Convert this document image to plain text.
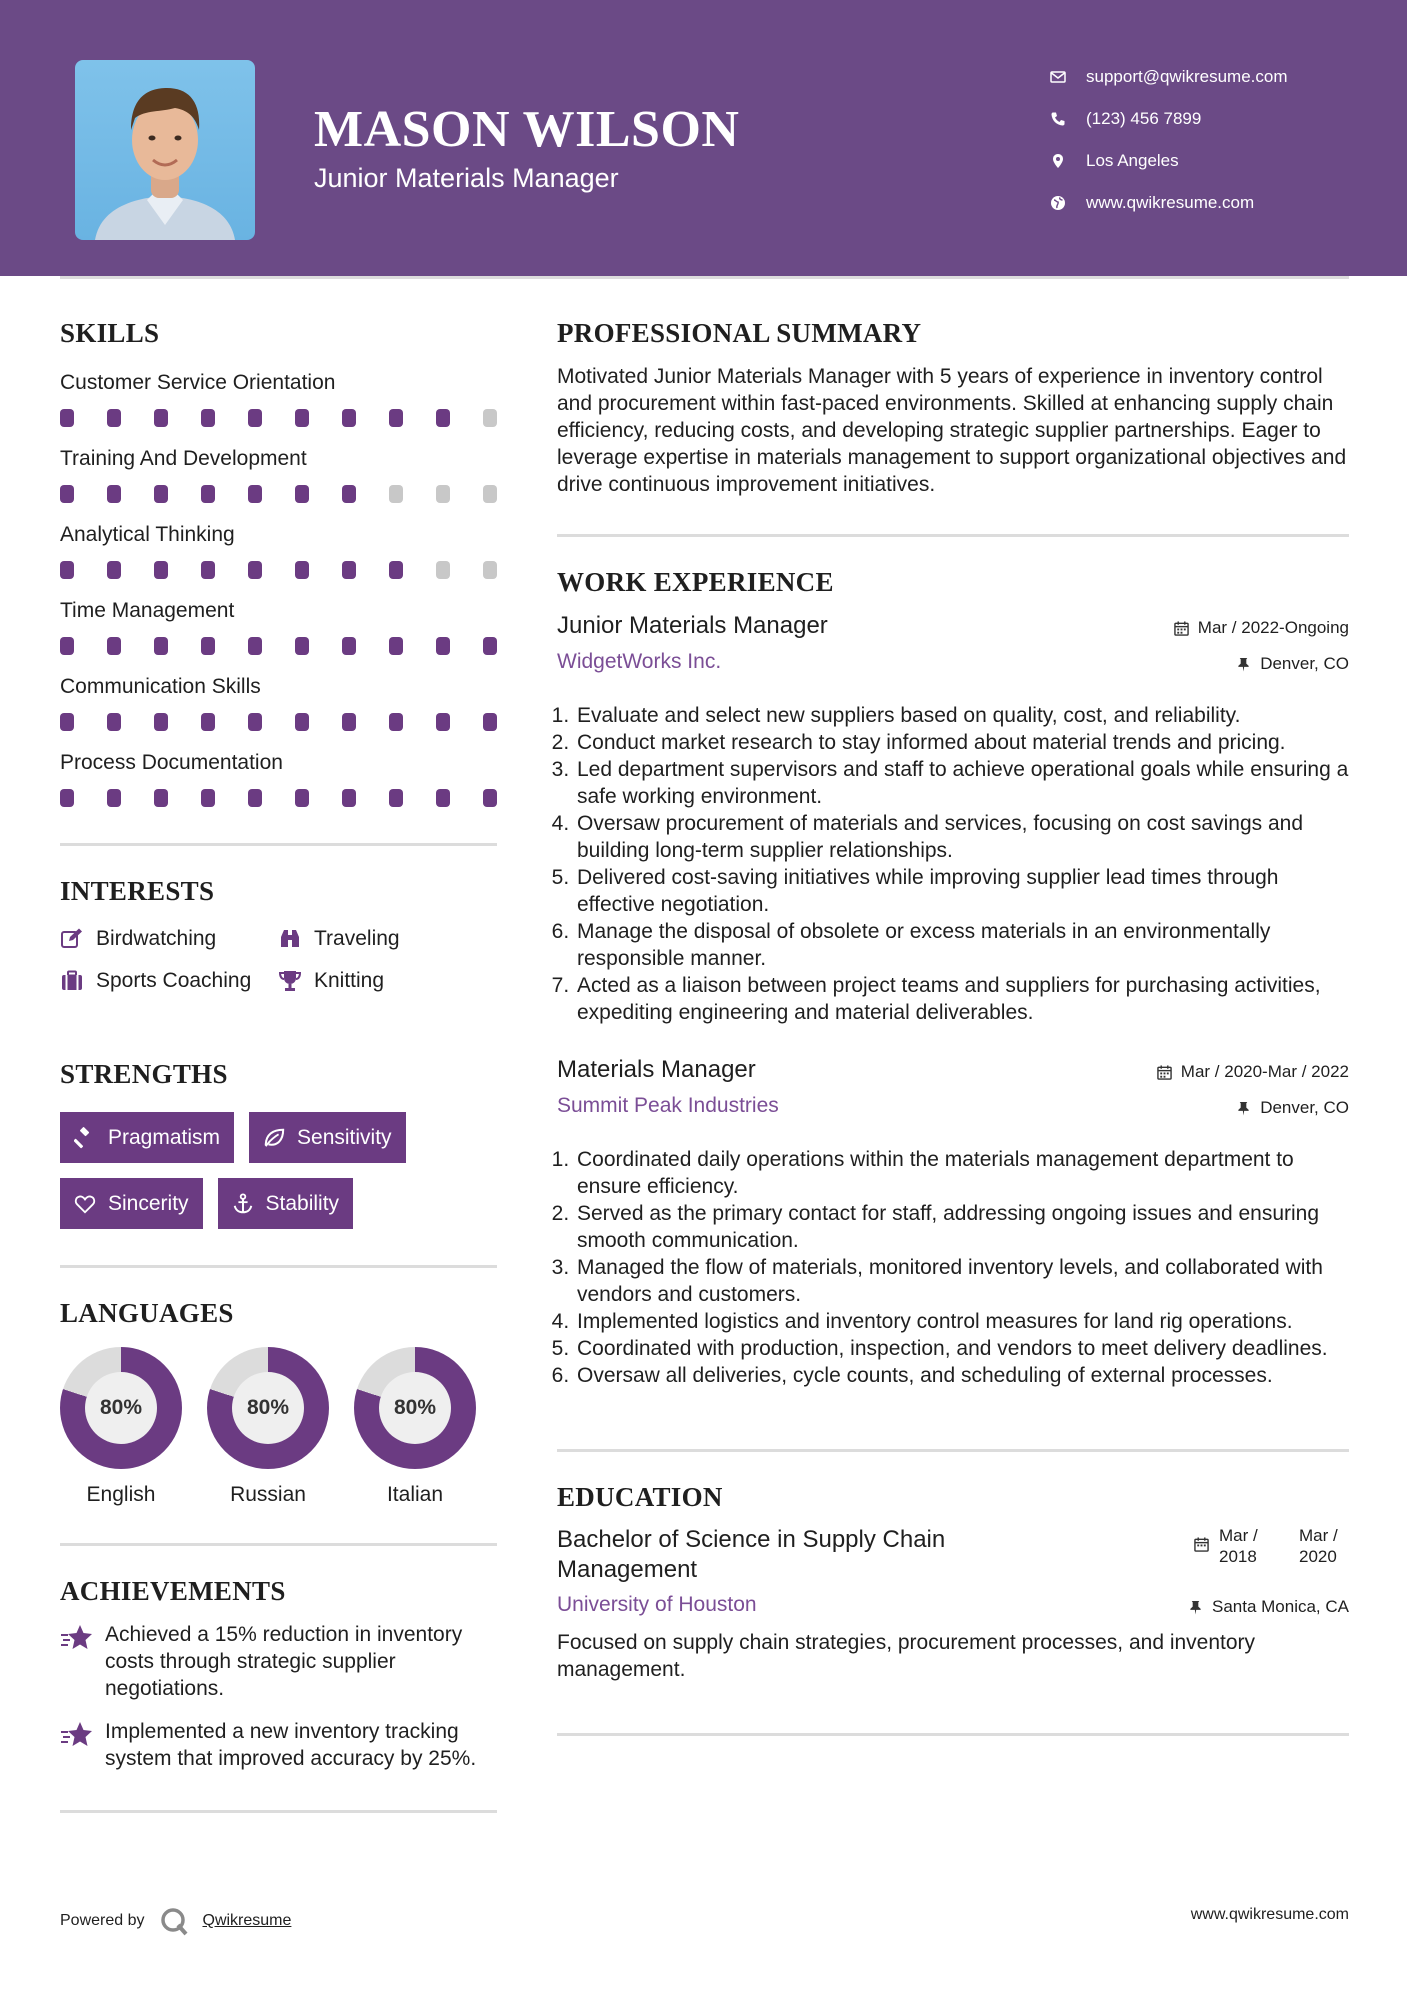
MASON WILSON
Junior Materials Manager
support@qwikresume.com
(123) 456 7899
Los Angeles
www.qwikresume.com
SKILLS
Customer Service Orientation
Training And Development
Analytical Thinking
Time Management
Communication Skills
Process Documentation
INTERESTS
Birdwatching	Traveling
Sports Coaching	Knitting
STRENGTHS
Pragmatism	Sensitivity
Sincerity	Stability
LANGUAGES
80%
English
80%
Russian
80%
Italian
ACHIEVEMENTS
Achieved a 15% reduction in inventory costs through strategic supplier negotiations.
Implemented a new inventory tracking system that improved accuracy by 25%.
PROFESSIONAL SUMMARY
Motivated Junior Materials Manager with 5 years of experience in inventory control and procurement within fast-paced environments. Skilled at enhancing supply chain efficiency, reducing costs, and developing strategic supplier partnerships. Eager to leverage expertise in materials management to support organizational objectives and drive continuous improvement initiatives.
WORK EXPERIENCE
Junior Materials Manager	Mar / 2022-Ongoing
WidgetWorks Inc.	Denver, CO
1. Evaluate and select new suppliers based on quality, cost, and reliability.
2. Conduct market research to stay informed about material trends and pricing.
3. Led department supervisors and staff to achieve operational goals while ensuring a safe working environment.
4. Oversaw procurement of materials and services, focusing on cost savings and building long-term supplier relationships.
5. Delivered cost-saving initiatives while improving supplier lead times through effective negotiation.
6. Manage the disposal of obsolete or excess materials in an environmentally responsible manner.
7. Acted as a liaison between project teams and suppliers for purchasing activities, expediting engineering and material deliverables.
Materials Manager	Mar / 2020-Mar / 2022
Summit Peak Industries	Denver, CO
1. Coordinated daily operations within the materials management department to ensure efficiency.
2. Served as the primary contact for staff, addressing ongoing issues and ensuring smooth communication.
3. Managed the flow of materials, monitored inventory levels, and collaborated with vendors and customers.
4. Implemented logistics and inventory control measures for land rig operations.
5. Coordinated with production, inspection, and vendors to meet delivery deadlines.
6. Oversaw all deliveries, cycle counts, and scheduling of external processes.
EDUCATION
Bachelor of Science in Supply Chain Management
Mar / 2018
Mar / 2020
University of Houston	Santa Monica, CA
Focused on supply chain strategies, procurement processes, and inventory management.
Powered by	Qwikresume	www.qwikresume.com
